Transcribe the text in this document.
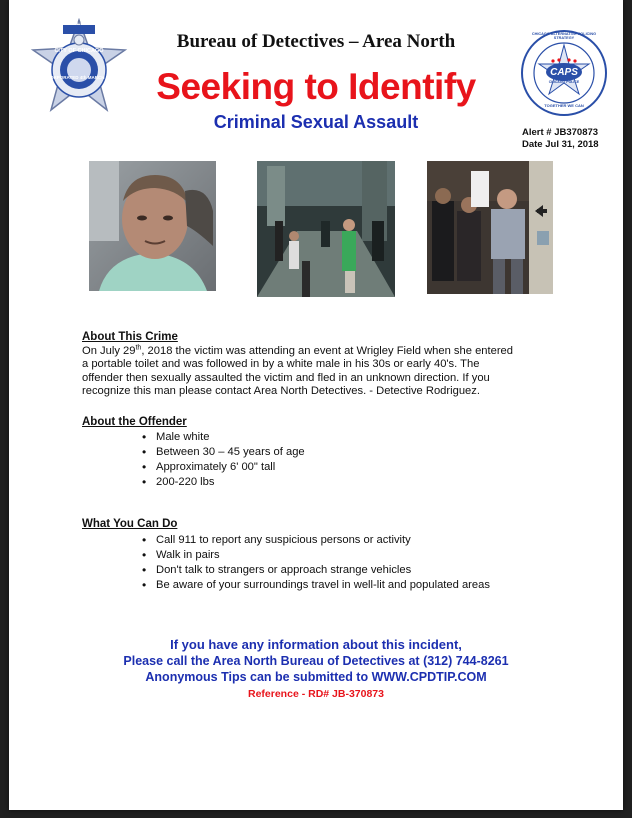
POLICE
CITY OF CHICAGO
INCORPORATED 4th MARCH 1837
Bureau of Detectives – Area North
Seeking to Identify
Criminal Sexual Assault
CAPS
CHICAGO POLICE
CHICAGO ALTERNATIVE POLICING STRATEGY
TOGETHER WE CAN
Alert # JB370873
Date Jul 31, 2018
About This Crime
On July 29th, 2018 the victim was attending an event at Wrigley Field when she entered
a portable toilet and was followed in by a white male in his 30s or early 40's. The
offender then sexually assaulted the victim and fled in an unknown direction. If you
recognize this man please contact Area North Detectives. - Detective Rodriguez.
About the Offender
• Male white
• Between 30 – 45 years of age
• Approximately 6' 00" tall
• 200-220 lbs
What You Can Do
• Call 911 to report any suspicious persons or activity
• Walk in pairs
• Don't talk to strangers or approach strange vehicles
• Be aware of your surroundings travel in well-lit and populated areas
If you have any information about this incident,
Please call the Area North Bureau of Detectives at (312) 744-8261
Anonymous Tips can be submitted to WWW.CPDTIP.COM
Reference - RD# JB-370873
